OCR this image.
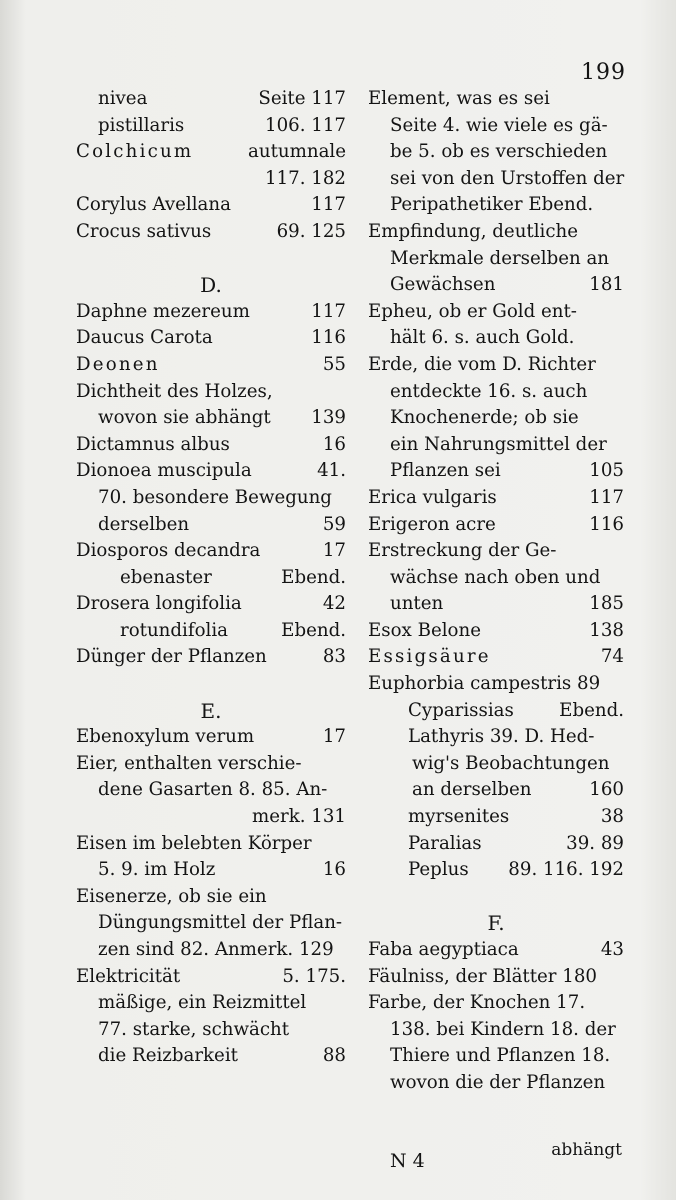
199
nivea	Seite 117
pistillaris	106. 117
Colchicum	autumnale
117. 182
Corylus Avellana	117
Crocus sativus	69. 125
D.
Daphne mezereum	117
Daucus Carota	116
Deonen	55
Dichtheit des Holzes,
wovon sie abhängt 139
Dictamnus albus	16
Dionoea muscipula	41.
70. besondere Bewegung
derselben	59
Diosporos decandra	17
ebenaster	Ebend.
Drosera longifolia	42
rotundifolia	Ebend.
Dünger der Pflanzen	83
E.
Ebenoxylum verum	17
Eier, enthalten verschie-
dene Gasarten 8. 85. An-
merk. 131
Eisen im belebten Körper
5. 9. im Holz	16
Eisenerze, ob sie ein
Düngungsmittel der Pflan-
zen sind 82. Anmerk. 129
Elektricität	5. 175.
mäßige, ein Reizmittel
77. starke, schwächt
die Reizbarkeit	88
Element, was es sei
Seite 4. wie viele es gä-
be 5. ob es verschieden
sei von den Urstoffen der
Peripathetiker Ebend.
Empfindung, deutliche
Merkmale derselben an
Gewächsen	181
Epheu, ob er Gold ent-
hält 6. s. auch Gold.
Erde, die vom D. Richter
entdeckte 16. s. auch
Knochenerde; ob sie
ein Nahrungsmittel der
Pflanzen sei	105
Erica vulgaris	117
Erigeron acre	116
Erstreckung der Ge-
wächse nach oben und
unten	185
Esox Belone	138
Essigsäure	74
Euphorbia campestris 89
Cyparissias Ebend.
Lathyris 39. D. Hed-
wig's Beobachtungen
an derselben	160
myrsenites	38
Paralias	39. 89
Peplus 89. 116. 192
F.
Faba aegyptiaca	43
Fäulniss, der Blätter 180
Farbe, der Knochen 17.
138. bei Kindern 18. der
Thiere und Pflanzen 18.
wovon die der Pflanzen
N 4	abhängt
